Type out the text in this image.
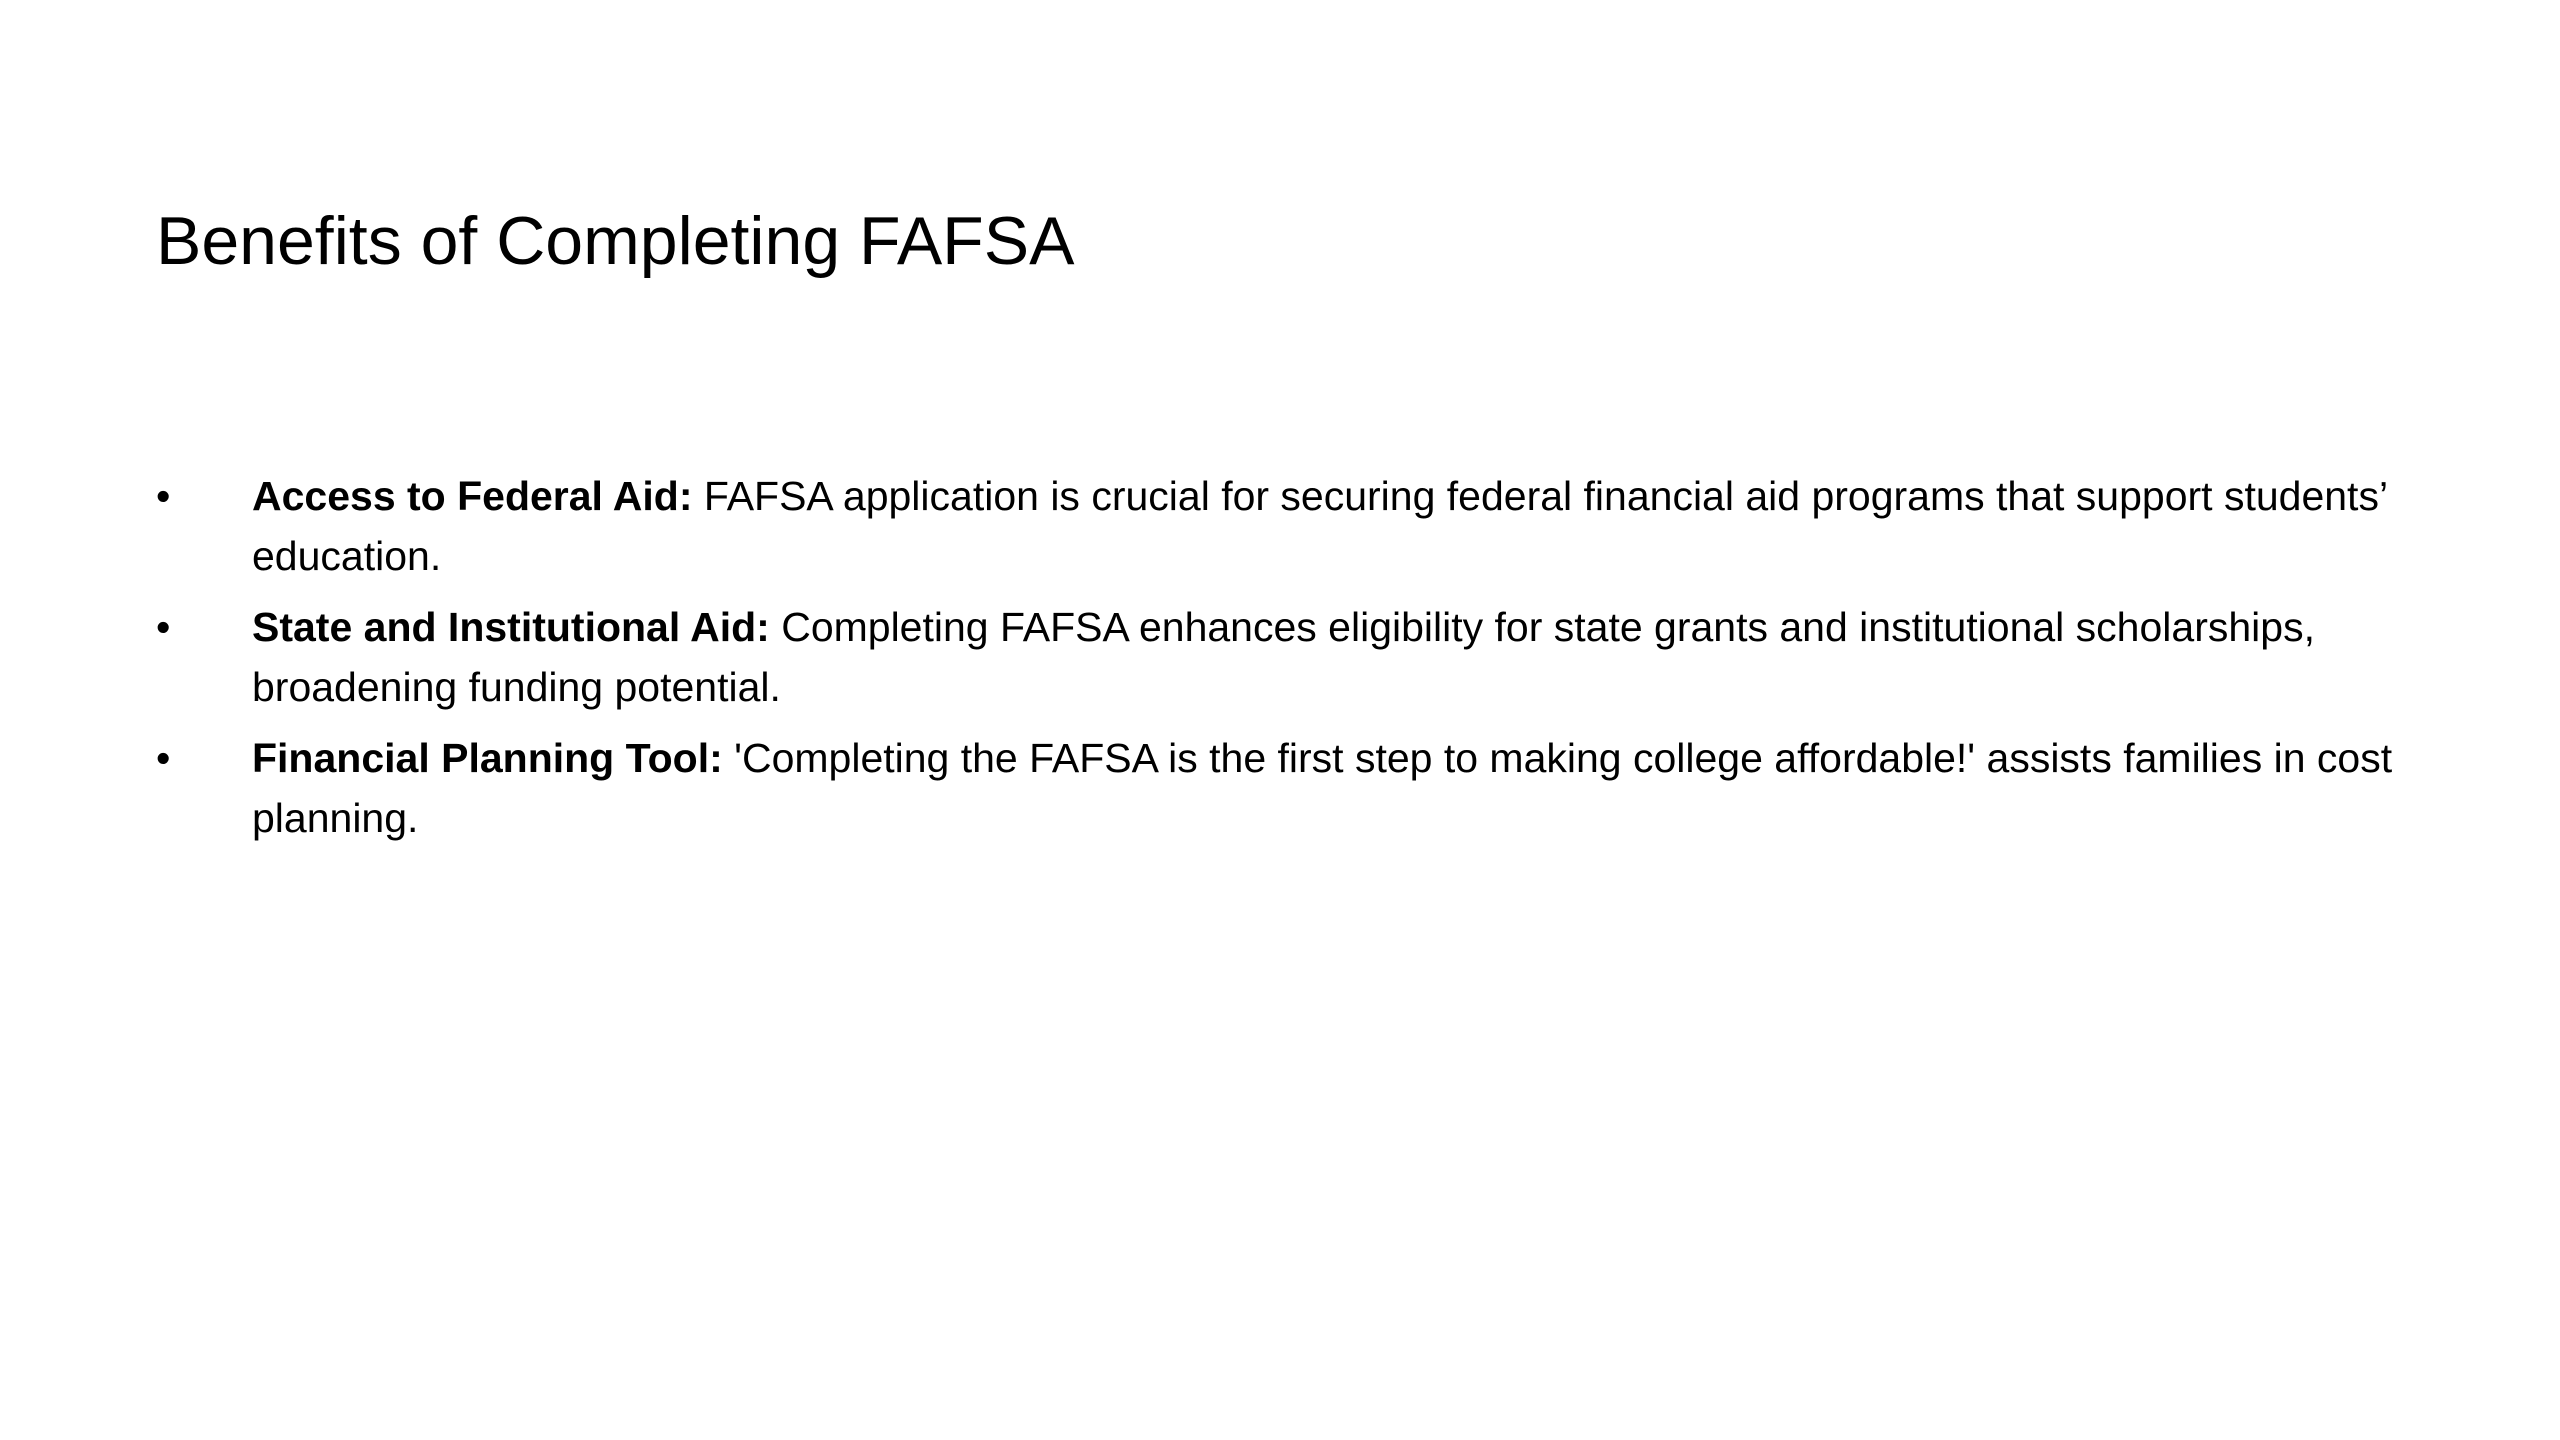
Benefits of Completing FAFSA
•	Access to Federal Aid: FAFSA application is crucial for securing federal financial aid programs that support students’ education.
•	State and Institutional Aid: Completing FAFSA enhances eligibility for state grants and institutional scholarships, broadening funding potential.
•	Financial Planning Tool: 'Completing the FAFSA is the first step to making college affordable!' assists families in cost planning.
